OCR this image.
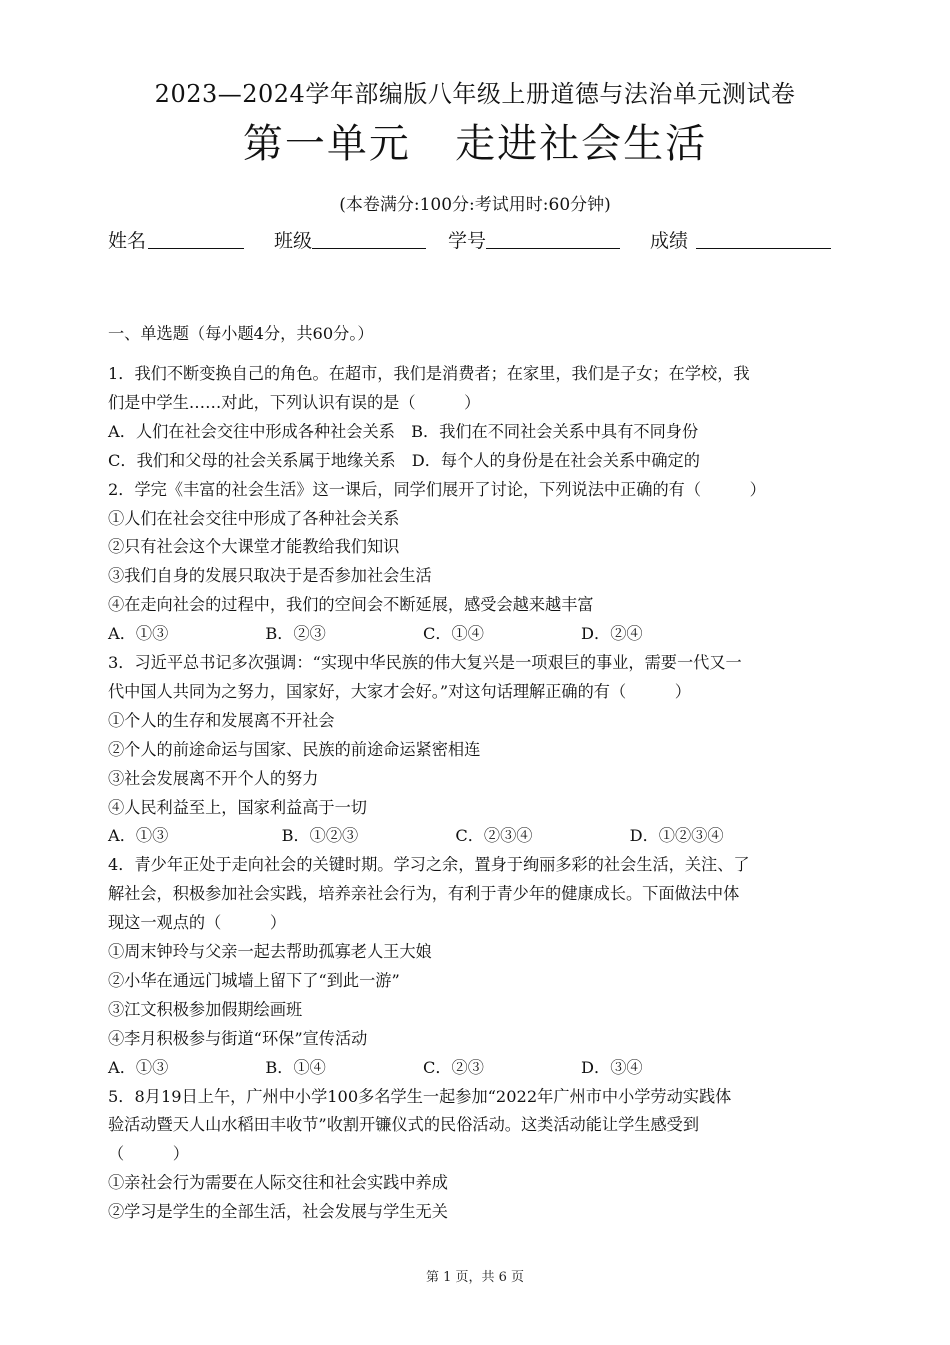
2023—2024学年部编版八年级上册道德与法治单元测试卷
第一单元   走进社会生活
(本卷满分:100分:考试用时:60分钟)
姓名	班级	学号	成绩
一、单选题（每小题4分，共60分。）
1．我们不断变换自己的角色。在超市，我们是消费者；在家里，我们是子女；在学校，我
们是中学生……对此，下列认识有误的是（　　　）
A．人们在社会交往中形成各种社会关系　B．我们在不同社会关系中具有不同身份
C．我们和父母的社会关系属于地缘关系　D．每个人的身份是在社会关系中确定的
2．学完《丰富的社会生活》这一课后，同学们展开了讨论，下列说法中正确的有（　　　）
①人们在社会交往中形成了各种社会关系
②只有社会这个大课堂才能教给我们知识
③我们自身的发展只取决于是否参加社会生活
④在走向社会的过程中，我们的空间会不断延展，感受会越来越丰富
A．①③　　　　　　B．②③　　　　　　C．①④　　　　　　D．②④
3．习近平总书记多次强调：“实现中华民族的伟大复兴是一项艰巨的事业，需要一代又一
代中国人共同为之努力，国家好，大家才会好。”对这句话理解正确的有（　　　）
①个人的生存和发展离不开社会
②个人的前途命运与国家、民族的前途命运紧密相连
③社会发展离不开个人的努力
④人民利益至上，国家利益高于一切
A．①③　　　　　　　B．①②③　　　　　　C．②③④　　　　　　D．①②③④
4．青少年正处于走向社会的关键时期。学习之余，置身于绚丽多彩的社会生活，关注、了
解社会，积极参加社会实践，培养亲社会行为，有利于青少年的健康成长。下面做法中体
现这一观点的（　　　）
①周末钟玲与父亲一起去帮助孤寡老人王大娘
②小华在通远门城墙上留下了“到此一游”
③江文积极参加假期绘画班
④李月积极参与街道“环保”宣传活动
A．①③　　　　　　B．①④　　　　　　C．②③　　　　　　D．③④
5．8月19日上午，广州中小学100多名学生一起参加“2022年广州市中小学劳动实践体
验活动暨天人山水稻田丰收节”收割开镰仪式的民俗活动。这类活动能让学生感受到
（　　　）
①亲社会行为需要在人际交往和社会实践中养成
②学习是学生的全部生活，社会发展与学生无关
第 1 页，共 6 页
